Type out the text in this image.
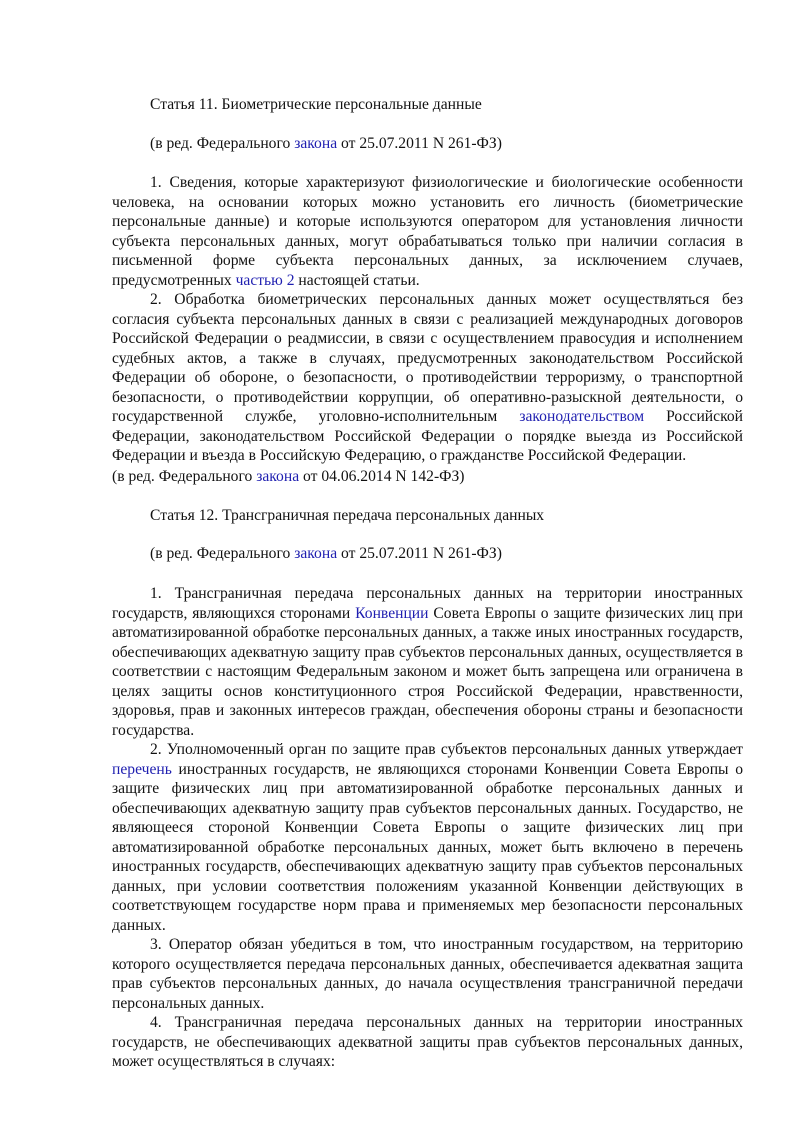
Статья 11. Биометрические персональные данные
(в ред. Федерального закона от 25.07.2011 N 261-ФЗ)

1. Сведения, которые характеризуют физиологические и биологические особенности человека, на основании которых можно установить его личность (биометрические персональные данные) и которые используются оператором для установления личности субъекта персональных данных, могут обрабатываться только при наличии согласия в письменной форме субъекта персональных данных, за исключением случаев, предусмотренных частью 2 настоящей статьи.

2. Обработка биометрических персональных данных может осуществляться без согласия субъекта персональных данных в связи с реализацией международных договоров Российской Федерации о реадмиссии, в связи с осуществлением правосудия и исполнением судебных актов, а также в случаях, предусмотренных законодательством Российской Федерации об обороне, о безопасности, о противодействии терроризму, о транспортной безопасности, о противодействии коррупции, об оперативно-разыскной деятельности, о государственной службе, уголовно-исполнительным законодательством Российской Федерации, законодательством Российской Федерации о порядке выезда из Российской Федерации и въезда в Российскую Федерацию, о гражданстве Российской Федерации.

(в ред. Федерального закона от 04.06.2014 N 142-ФЗ)
Статья 12. Трансграничная передача персональных данных
(в ред. Федерального закона от 25.07.2011 N 261-ФЗ)

1. Трансграничная передача персональных данных на территории иностранных государств, являющихся сторонами Конвенции Совета Европы о защите физических лиц при автоматизированной обработке персональных данных, а также иных иностранных государств, обеспечивающих адекватную защиту прав субъектов персональных данных, осуществляется в соответствии с настоящим Федеральным законом и может быть запрещена или ограничена в целях защиты основ конституционного строя Российской Федерации, нравственности, здоровья, прав и законных интересов граждан, обеспечения обороны страны и безопасности государства.

2. Уполномоченный орган по защите прав субъектов персональных данных утверждает перечень иностранных государств, не являющихся сторонами Конвенции Совета Европы о защите физических лиц при автоматизированной обработке персональных данных и обеспечивающих адекватную защиту прав субъектов персональных данных. Государство, не являющееся стороной Конвенции Совета Европы о защите физических лиц при автоматизированной обработке персональных данных, может быть включено в перечень иностранных государств, обеспечивающих адекватную защиту прав субъектов персональных данных, при условии соответствия положениям указанной Конвенции действующих в соответствующем государстве норм права и применяемых мер безопасности персональных данных.

3. Оператор обязан убедиться в том, что иностранным государством, на территорию которого осуществляется передача персональных данных, обеспечивается адекватная защита прав субъектов персональных данных, до начала осуществления трансграничной передачи персональных данных.

4. Трансграничная передача персональных данных на территории иностранных государств, не обеспечивающих адекватной защиты прав субъектов персональных данных, может осуществляться в случаях:
